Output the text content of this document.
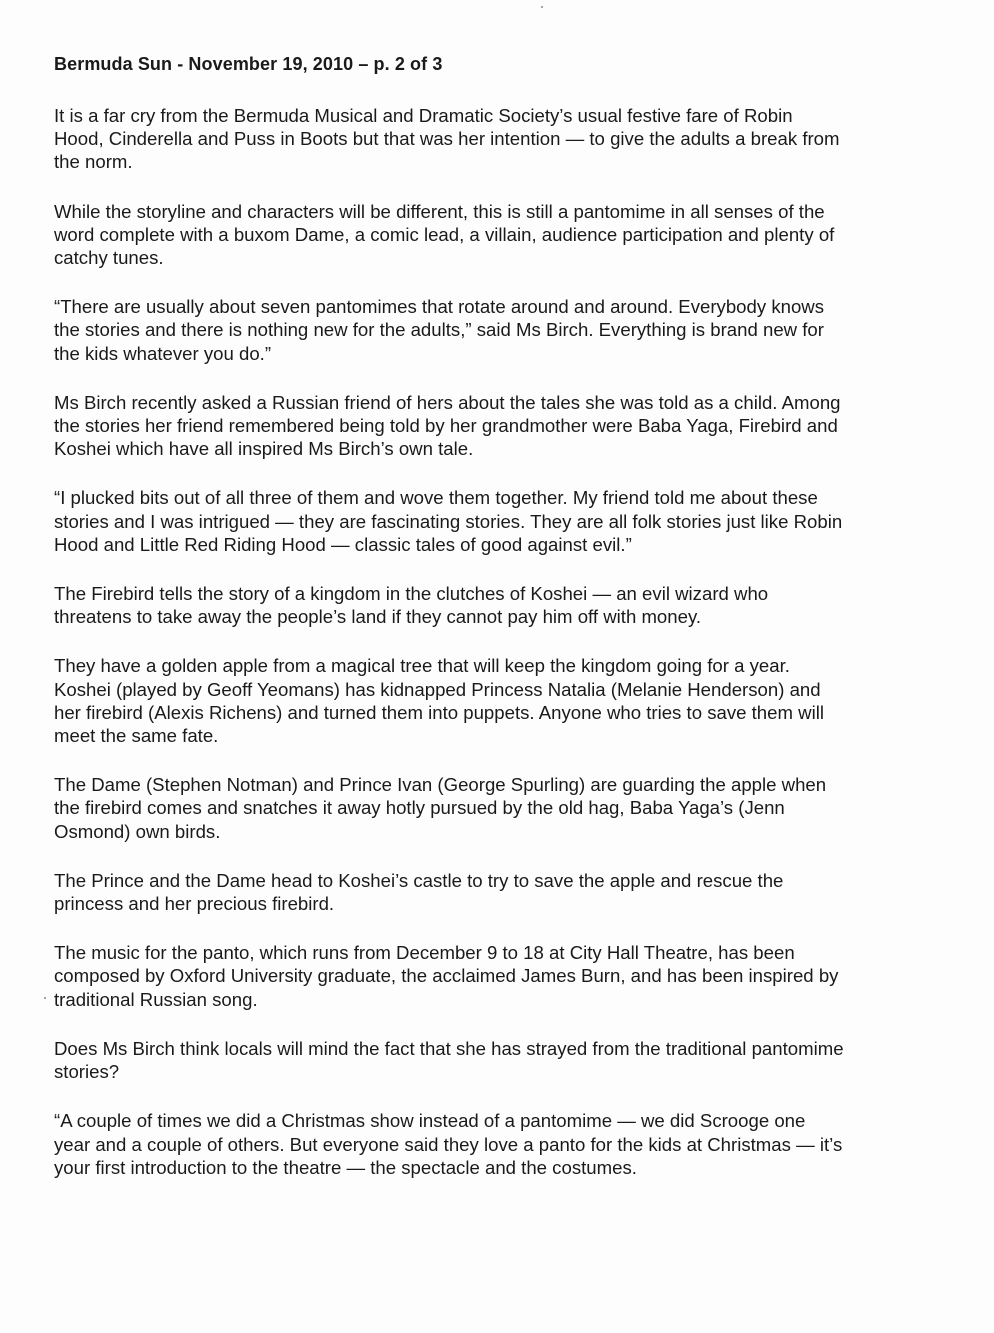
Bermuda Sun - November 19, 2010 – p. 2 of 3
It is a far cry from the Bermuda Musical and Dramatic Society’s usual festive fare of Robin
Hood, Cinderella and Puss in Boots but that was her intention — to give the adults a break from
the norm.
While the storyline and characters will be different, this is still a pantomime in all senses of the
word complete with a buxom Dame, a comic lead, a villain, audience participation and plenty of
catchy tunes.
“There are usually about seven pantomimes that rotate around and around. Everybody knows
the stories and there is nothing new for the adults,” said Ms Birch. Everything is brand new for
the kids whatever you do.”
Ms Birch recently asked a Russian friend of hers about the tales she was told as a child. Among
the stories her friend remembered being told by her grandmother were Baba Yaga, Firebird and
Koshei which have all inspired Ms Birch’s own tale.
“I plucked bits out of all three of them and wove them together. My friend told me about these
stories and I was intrigued — they are fascinating stories. They are all folk stories just like Robin
Hood and Little Red Riding Hood — classic tales of good against evil.”
The Firebird tells the story of a kingdom in the clutches of Koshei — an evil wizard who
threatens to take away the people’s land if they cannot pay him off with money.
They have a golden apple from a magical tree that will keep the kingdom going for a year.
Koshei (played by Geoff Yeomans) has kidnapped Princess Natalia (Melanie Henderson) and
her firebird (Alexis Richens) and turned them into puppets. Anyone who tries to save them will
meet the same fate.
The Dame (Stephen Notman) and Prince Ivan (George Spurling) are guarding the apple when
the firebird comes and snatches it away hotly pursued by the old hag, Baba Yaga’s (Jenn
Osmond) own birds.
The Prince and the Dame head to Koshei’s castle to try to save the apple and rescue the
princess and her precious firebird.
The music for the panto, which runs from December 9 to 18 at City Hall Theatre, has been
composed by Oxford University graduate, the acclaimed James Burn, and has been inspired by
traditional Russian song.
Does Ms Birch think locals will mind the fact that she has strayed from the traditional pantomime
stories?
“A couple of times we did a Christmas show instead of a pantomime — we did Scrooge one
year and a couple of others. But everyone said they love a panto for the kids at Christmas — it’s
your first introduction to the theatre — the spectacle and the costumes.
